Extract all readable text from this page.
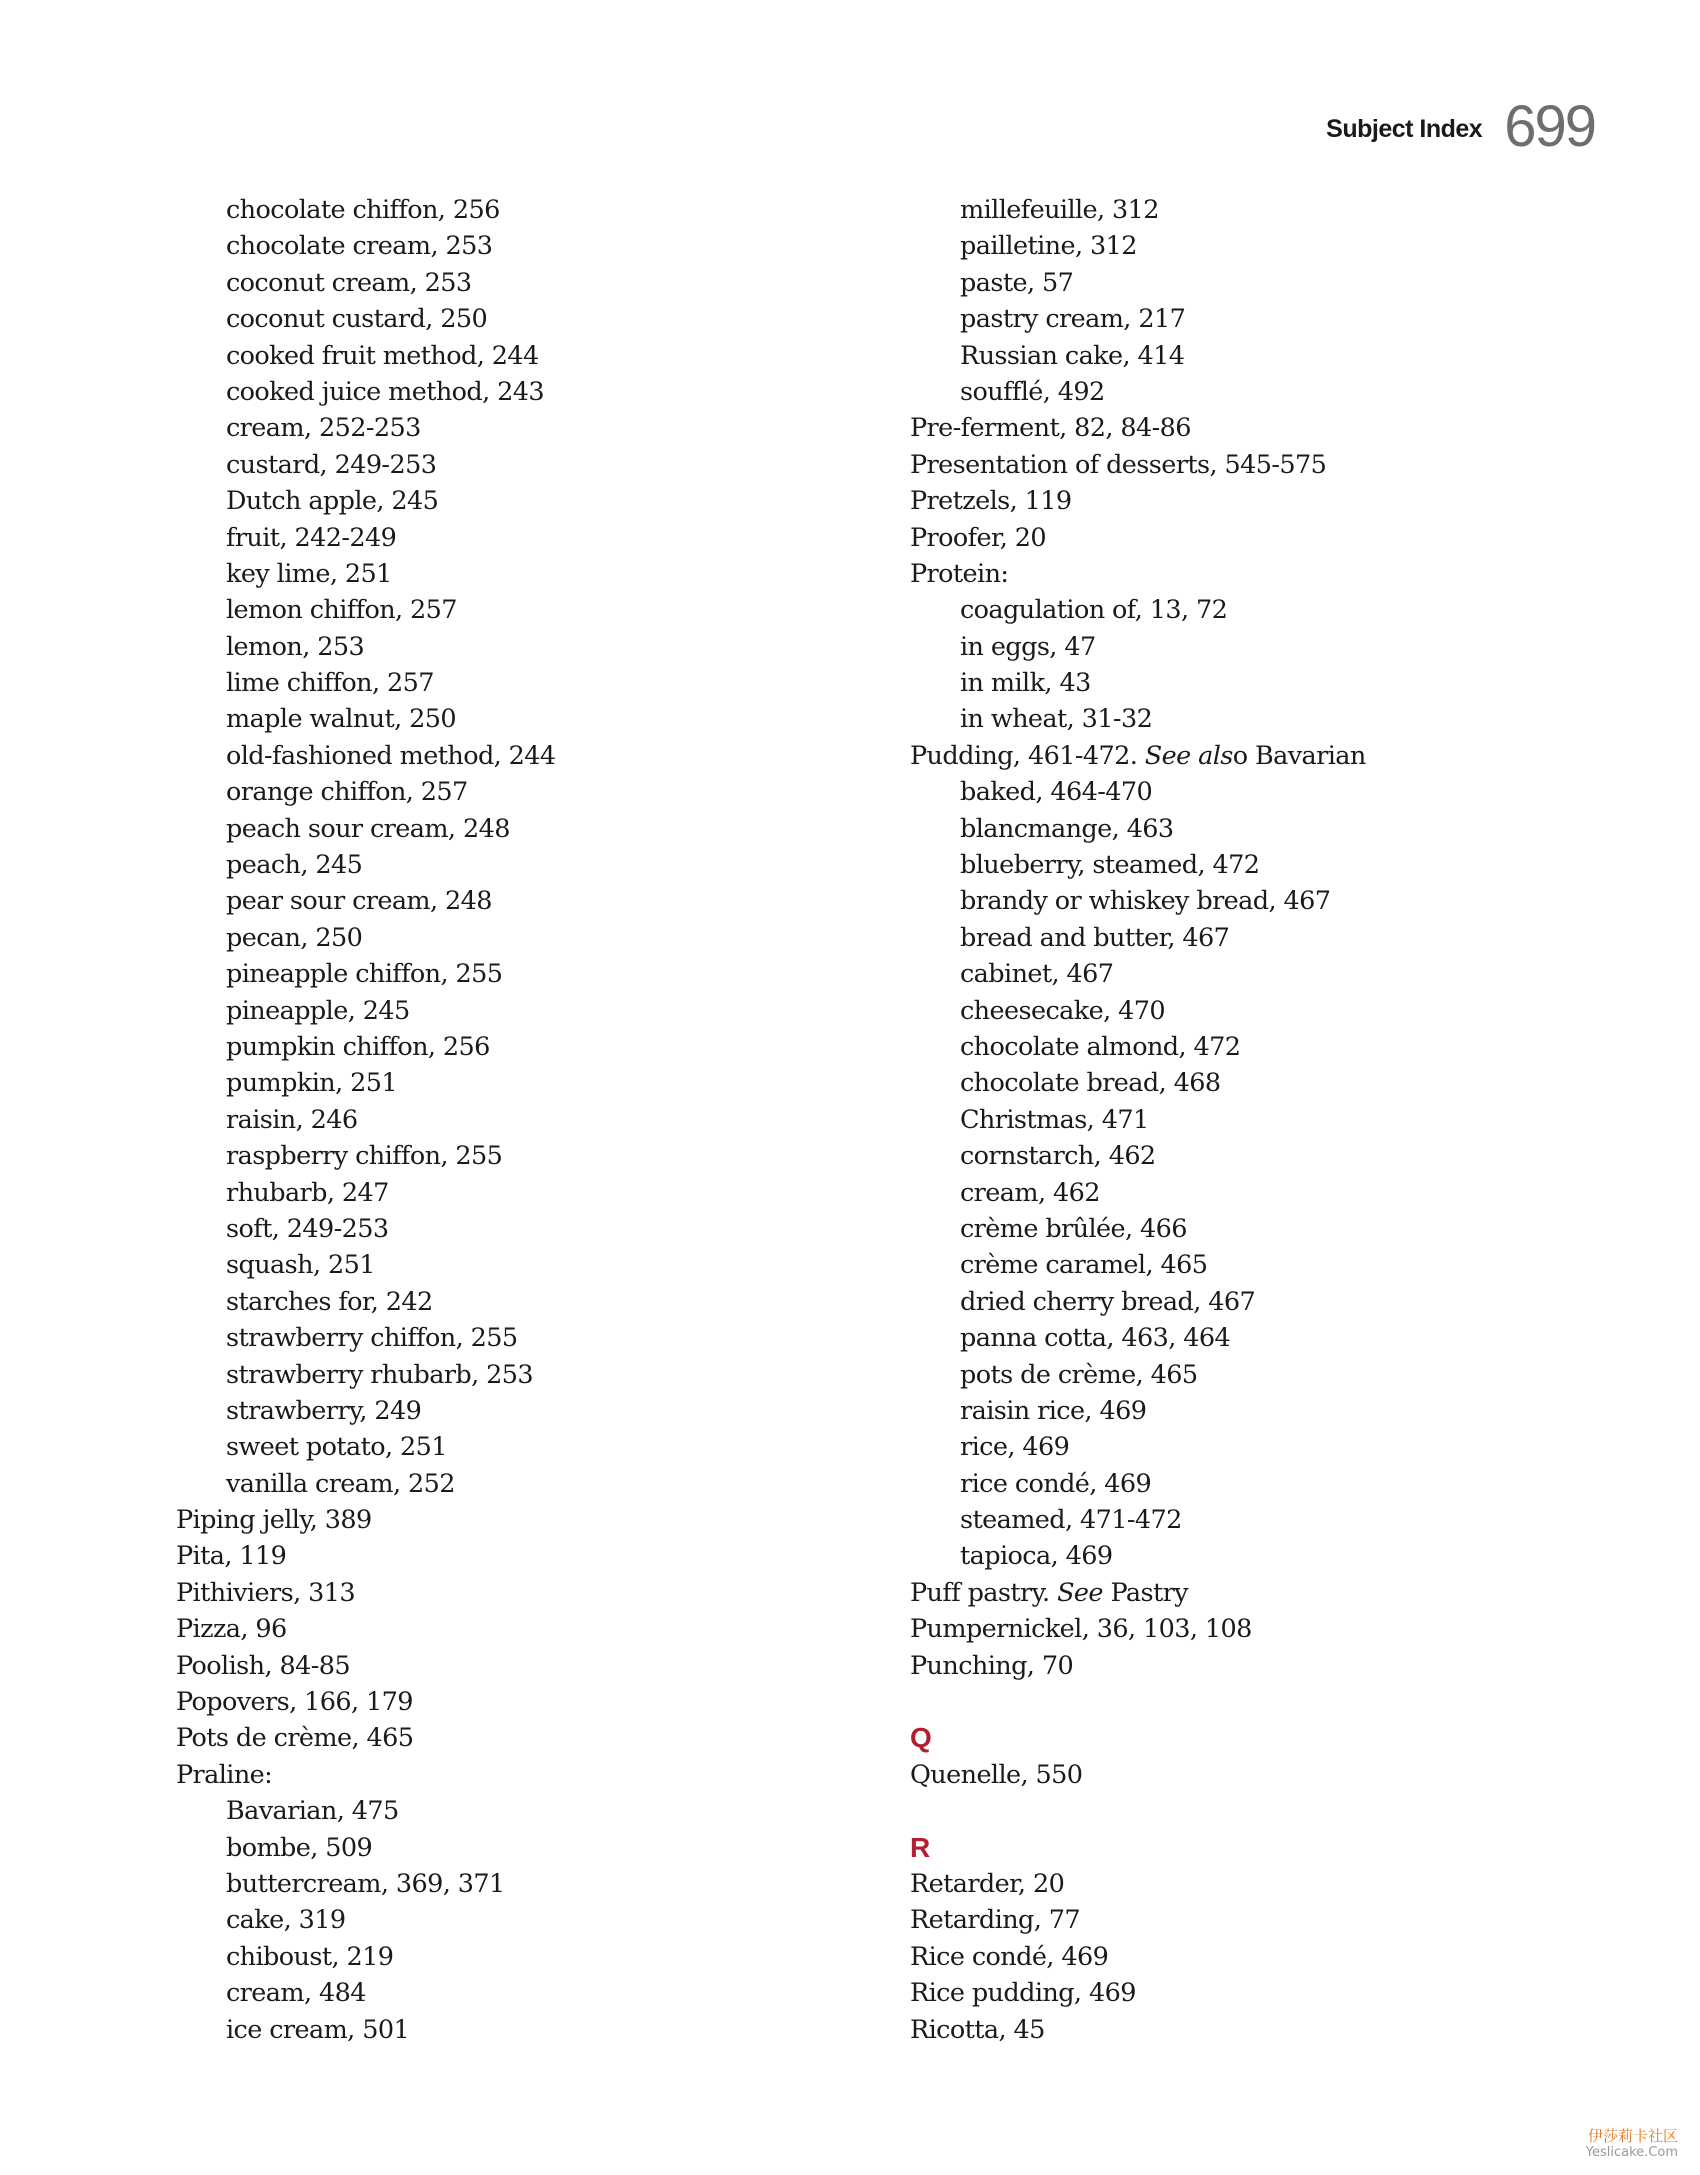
Subject Index 699
chocolate chiffon, 256
chocolate cream, 253
coconut cream, 253
coconut custard, 250
cooked fruit method, 244
cooked juice method, 243
cream, 252-253
custard, 249-253
Dutch apple, 245
fruit, 242-249
key lime, 251
lemon chiffon, 257
lemon, 253
lime chiffon, 257
maple walnut, 250
old-fashioned method, 244
orange chiffon, 257
peach sour cream, 248
peach, 245
pear sour cream, 248
pecan, 250
pineapple chiffon, 255
pineapple, 245
pumpkin chiffon, 256
pumpkin, 251
raisin, 246
raspberry chiffon, 255
rhubarb, 247
soft, 249-253
squash, 251
starches for, 242
strawberry chiffon, 255
strawberry rhubarb, 253
strawberry, 249
sweet potato, 251
vanilla cream, 252
Piping jelly, 389
Pita, 119
Pithiviers, 313
Pizza, 96
Poolish, 84-85
Popovers, 166, 179
Pots de crème, 465
Praline:
Bavarian, 475
bombe, 509
buttercream, 369, 371
cake, 319
chiboust, 219
cream, 484
ice cream, 501
millefeuille, 312
pailletine, 312
paste, 57
pastry cream, 217
Russian cake, 414
soufflé, 492
Pre-ferment, 82, 84-86
Presentation of desserts, 545-575
Pretzels, 119
Proofer, 20
Protein:
coagulation of, 13, 72
in eggs, 47
in milk, 43
in wheat, 31-32
Pudding, 461-472. See also Bavarian
baked, 464-470
blancmange, 463
blueberry, steamed, 472
brandy or whiskey bread, 467
bread and butter, 467
cabinet, 467
cheesecake, 470
chocolate almond, 472
chocolate bread, 468
Christmas, 471
cornstarch, 462
cream, 462
crème brûlée, 466
crème caramel, 465
dried cherry bread, 467
panna cotta, 463, 464
pots de crème, 465
raisin rice, 469
rice, 469
rice condé, 469
steamed, 471-472
tapioca, 469
Puff pastry. See Pastry
Pumpernickel, 36, 103, 108
Punching, 70
Q
Quenelle, 550
R
Retarder, 20
Retarding, 77
Rice condé, 469
Rice pudding, 469
Ricotta, 45
伊莎莉卡社区
Yeslicake.Com
